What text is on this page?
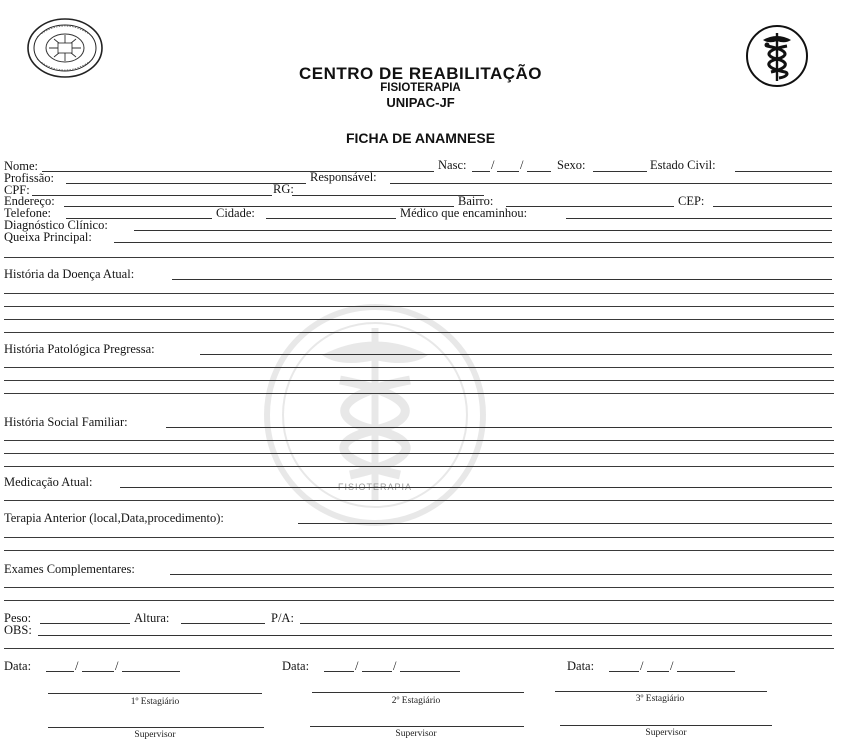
CENTRO DE REABILITAÇÃO
FISIOTERAPIA
UNIPAC-JF
FICHA DE ANAMNESE
FISIOTERAPIA
Nome:	Nasc: / /	Sexo:	Estado Civil:
Profissão:	Responsável:
CPF:	RG:
Endereço:	Bairro:	CEP:
Telefone:	Cidade:	Médico que encaminhou:
Diagnóstico Clínico:
Queixa Principal:
História da Doença Atual:
História Patológica Pregressa:
História Social Familiar:
Medicação Atual:
Terapia Anterior (local,Data,procedimento):
Exames Complementares:
Peso:	Altura:	P/A:
OBS:
Data:	/	/	Data:	/	/	Data:	/ /
1º Estagiário	2º Estagiário	3º Estagiário
Supervisor	Supervisor	Supervisor
